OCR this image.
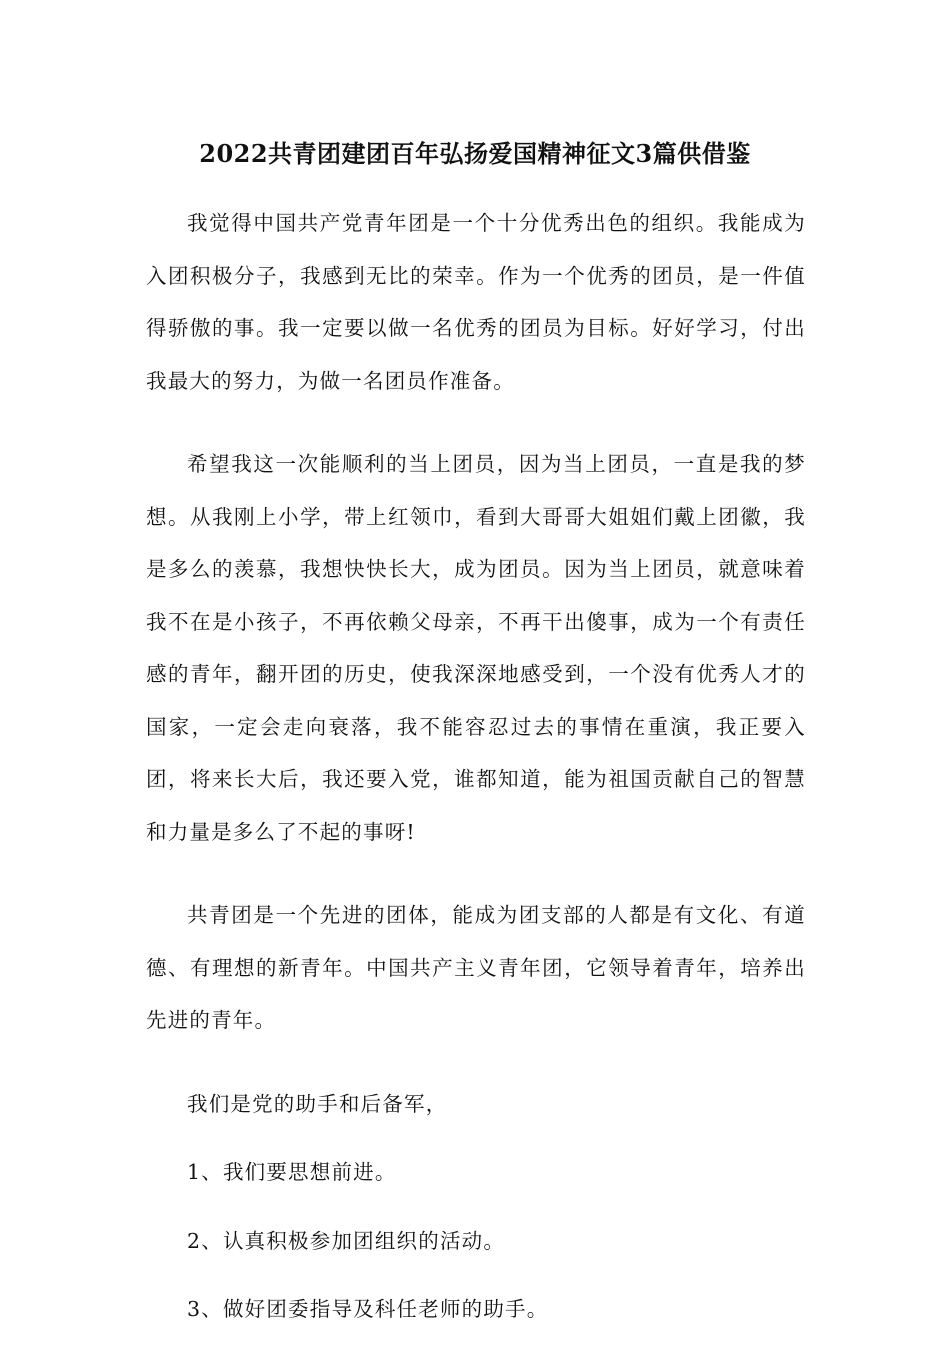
2022共青团建团百年弘扬爱国精神征文3篇供借鉴

我觉得中国共产党青年团是一个十分优秀出色的组织。我能成为入团积极分子，我感到无比的荣幸。作为一个优秀的团员，是一件值得骄傲的事。我一定要以做一名优秀的团员为目标。好好学习，付出我最大的努力，为做一名团员作准备。

希望我这一次能顺利的当上团员，因为当上团员，一直是我的梦想。从我刚上小学，带上红领巾，看到大哥哥大姐姐们戴上团徽，我是多么的羡慕，我想快快长大，成为团员。因为当上团员，就意味着我不在是小孩子，不再依赖父母亲，不再干出傻事，成为一个有责任感的青年，翻开团的历史，使我深深地感受到，一个没有优秀人才的国家，一定会走向衰落，我不能容忍过去的事情在重演，我正要入团，将来长大后，我还要入党，谁都知道，能为祖国贡献自己的智慧和力量是多么了不起的事呀!

共青团是一个先进的团体，能成为团支部的人都是有文化、有道德、有理想的新青年。中国共产主义青年团，它领导着青年，培养出先进的青年。

我们是党的助手和后备军，

1、我们要思想前进。

2、认真积极参加团组织的活动。

3、做好团委指导及科任老师的助手。
